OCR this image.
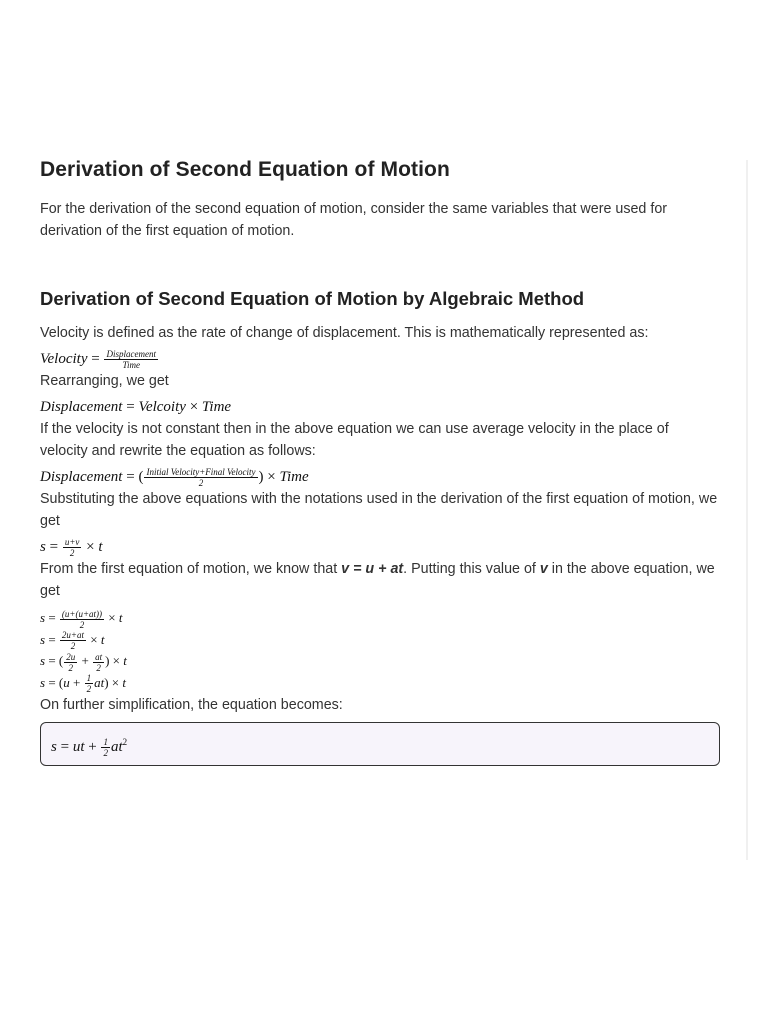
Derivation of Second Equation of Motion

For the derivation of the second equation of motion, consider the same variables that were used for derivation of the first equation of motion.

Derivation of Second Equation of Motion by Algebraic Method

Velocity is defined as the rate of change of displacement. This is mathematically represented as:

Velocity = $\frac{\text{Displacement}}{\text{Time}}$

Rearranging, we get

Displacement = Velcoity × Time

If the velocity is not constant then in the above equation we can use average velocity in the place of velocity and rewrite the equation as follows:

Displacement = ( $\frac{\text{Initial Velocity+Final Velocity}}{2}$ ) × Time

Substituting the above equations with the notations used in the derivation of the first equation of motion, we get

$s = \frac{u+v}{2} \times t$

From the first equation of motion, we know that v = u + at. Putting this value of v in the above equation, we get

$s = \frac{(u+(u+at))}{2} \times t$
$s = \frac{2u+at}{2} \times t$
s = ( $\frac{2u}{2} + \frac{at}{2}$ ) × t
$s = (u + \frac{1}{2} at) \times t$

On further simplification, the equation becomes:

s = ut + $\frac{1}{2} at^2$
